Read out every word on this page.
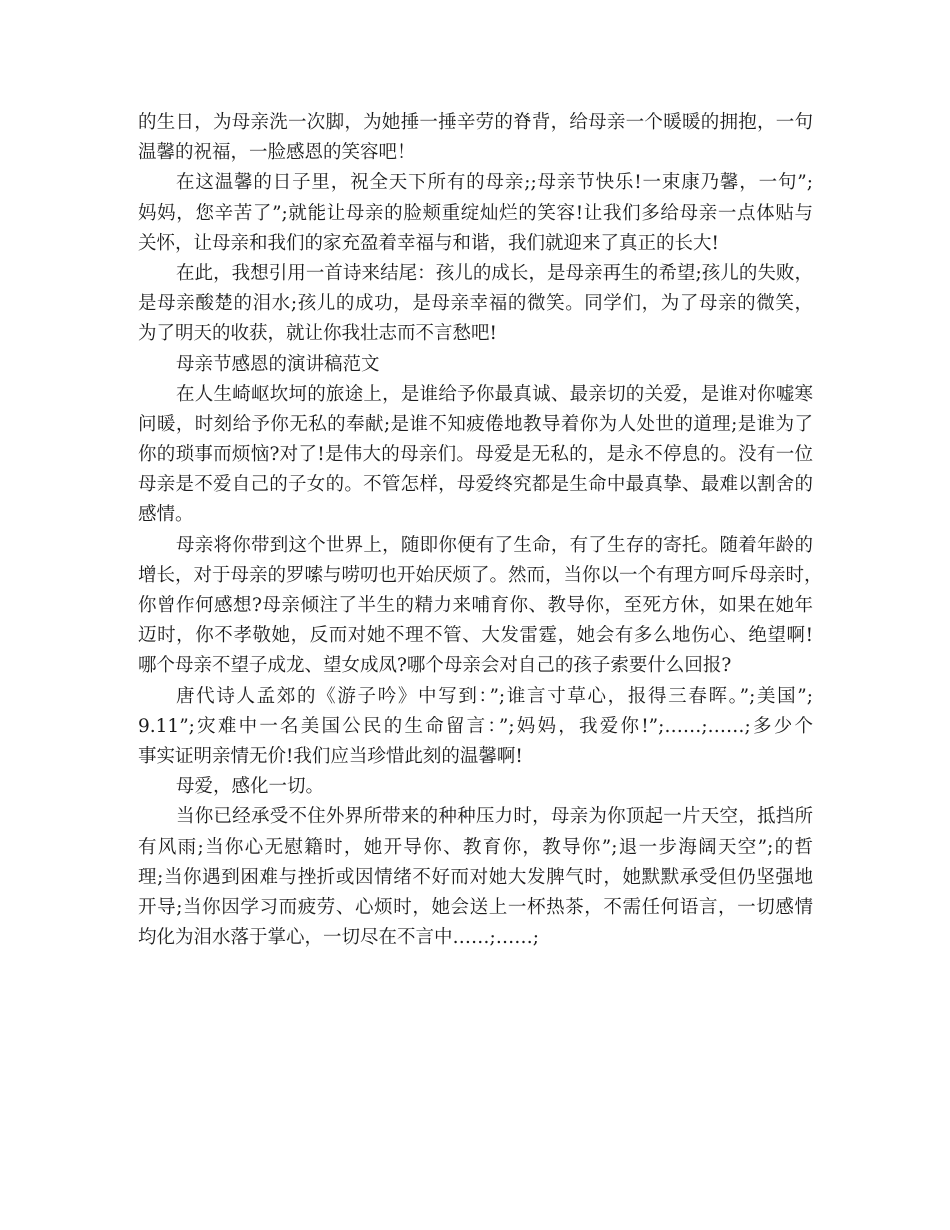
的生日，为母亲洗一次脚，为她捶一捶辛劳的脊背，给母亲一个暖暖的拥抱，一句
温馨的祝福，一脸感恩的笑容吧！
在这温馨的日子里，祝全天下所有的母亲;;母亲节快乐!一束康乃馨，一句”;
妈妈，您辛苦了”;就能让母亲的脸颊重绽灿烂的笑容!让我们多给母亲一点体贴与
关怀，让母亲和我们的家充盈着幸福与和谐，我们就迎来了真正的长大!
在此，我想引用一首诗来结尾：孩儿的成长，是母亲再生的希望;孩儿的失败，
是母亲酸楚的泪水;孩儿的成功，是母亲幸福的微笑。同学们，为了母亲的微笑，
为了明天的收获，就让你我壮志而不言愁吧!
母亲节感恩的演讲稿范文
在人生崎岖坎坷的旅途上，是谁给予你最真诚、最亲切的关爱，是谁对你嘘寒
问暖，时刻给予你无私的奉献;是谁不知疲倦地教导着你为人处世的道理;是谁为了
你的琐事而烦恼?对了!是伟大的母亲们。母爱是无私的，是永不停息的。没有一位
母亲是不爱自己的子女的。不管怎样，母爱终究都是生命中最真挚、最难以割舍的
感情。
母亲将你带到这个世界上，随即你便有了生命，有了生存的寄托。随着年龄的
增长，对于母亲的罗嗦与唠叨也开始厌烦了。然而，当你以一个有理方呵斥母亲时，
你曾作何感想?母亲倾注了半生的精力来哺育你、教导你，至死方休，如果在她年
迈时，你不孝敬她，反而对她不理不管、大发雷霆，她会有多么地伤心、绝望啊!
哪个母亲不望子成龙、望女成凤?哪个母亲会对自己的孩子索要什么回报?
唐代诗人孟郊的《游子吟》中写到：”;谁言寸草心，报得三春晖。”;美国”;
9.11”;灾难中一名美国公民的生命留言：”;妈妈，我爱你!”;……;……;多少个
事实证明亲情无价!我们应当珍惜此刻的温馨啊!
母爱，感化一切。
当你已经承受不住外界所带来的种种压力时，母亲为你顶起一片天空，抵挡所
有风雨;当你心无慰籍时，她开导你、教育你，教导你”;退一步海阔天空”;的哲
理;当你遇到困难与挫折或因情绪不好而对她大发脾气时，她默默承受但仍坚强地
开导;当你因学习而疲劳、心烦时，她会送上一杯热茶，不需任何语言，一切感情
均化为泪水落于掌心，一切尽在不言中……;……;
